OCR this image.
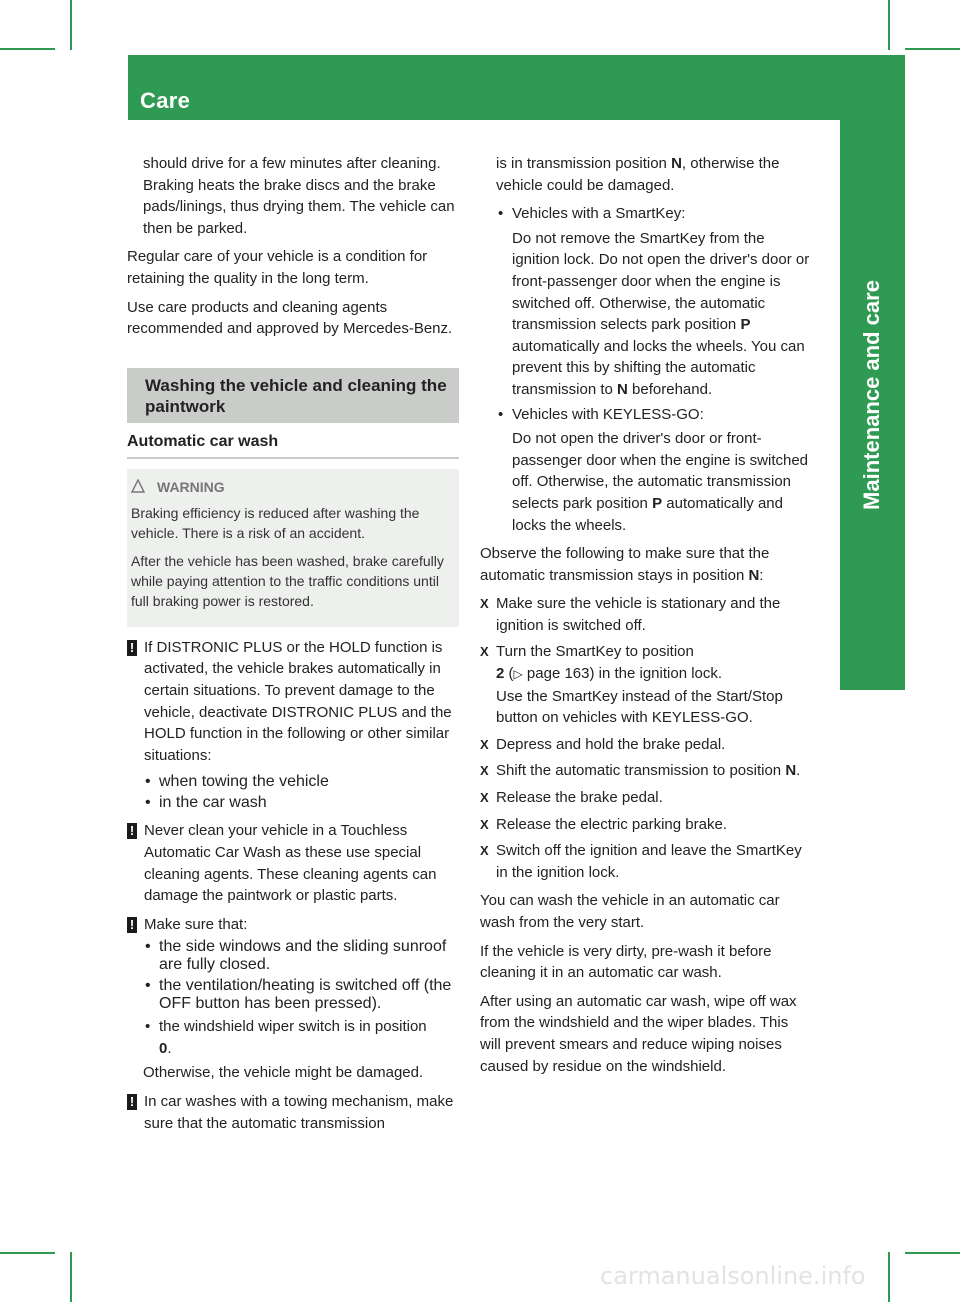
372 Care
Maintenance and care

should drive for a few minutes after cleaning. Braking heats the brake discs and the brake pads/linings, thus drying them. The vehicle can then be parked.

Regular care of your vehicle is a condition for retaining the quality in the long term.

Use care products and cleaning agents recommended and approved by Mercedes-Benz.

Washing the vehicle and cleaning the paintwork
Automatic car wash
WARNING

Braking efficiency is reduced after washing the vehicle. There is a risk of an accident.

After the vehicle has been washed, brake carefully while paying attention to the traffic conditions until full braking power is restored.

! If DISTRONIC PLUS or the HOLD function is activated, the vehicle brakes automatically in certain situations. To prevent damage to the vehicle, deactivate DISTRONIC PLUS and the HOLD function in the following or other similar situations:

• when towing the vehicle
• in the car wash
! Never clean your vehicle in a Touchless Automatic Car Wash as these use special cleaning agents. These cleaning agents can damage the paintwork or plastic parts.

! Make sure that:

• the side windows and the sliding sunroof are fully closed.
• the ventilation/heating is switched off (the OFF button has been pressed).
• the windshield wiper switch is in position
0.

Otherwise, the vehicle might be damaged.

! In car washes with a towing mechanism, make sure that the automatic transmission

is in transmission position N, otherwise the vehicle could be damaged.

• Vehicles with a SmartKey:

Do not remove the SmartKey from the ignition lock. Do not open the driver's door or front-passenger door when the engine is switched off. Otherwise, the automatic transmission selects park position P automatically and locks the wheels. You can prevent this by shifting the automatic transmission to N beforehand.

• Vehicles with KEYLESS-GO:

Do not open the driver's door or front-passenger door when the engine is switched off. Otherwise, the automatic transmission selects park position P automatically and locks the wheels.

Observe the following to make sure that the automatic transmission stays in position N:

X Make sure the vehicle is stationary and the ignition is switched off.
X Turn the SmartKey to position
2 (▷ page 163) in the ignition lock.
Use the SmartKey instead of the Start/Stop button on vehicles with KEYLESS-GO.
X Depress and hold the brake pedal.
X Shift the automatic transmission to position N.
X Release the brake pedal.
X Release the electric parking brake.
X Switch off the ignition and leave the SmartKey in the ignition lock.

You can wash the vehicle in an automatic car wash from the very start.

If the vehicle is very dirty, pre-wash it before cleaning it in an automatic car wash.

After using an automatic car wash, wipe off wax from the windshield and the wiper blades. This will prevent smears and reduce wiping noises caused by residue on the windshield.

carmanualsonline.info
